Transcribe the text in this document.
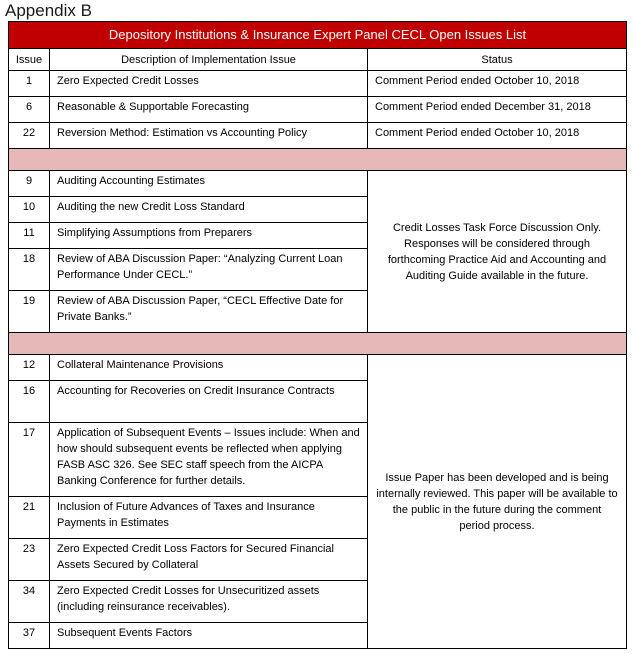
Appendix B
Depository Institutions & Insurance Expert Panel CECL Open Issues List		
Issue	Description of Implementation Issue	Status
1	Zero Expected Credit Losses	Comment Period ended October 10, 2018
6	Reasonable & Supportable Forecasting	Comment Period ended December 31, 2018
22	Reversion Method: Estimation vs Accounting Policy	Comment Period ended October 10, 2018

9	Auditing Accounting Estimates	Credit Losses Task Force Discussion Only. Responses will be considered through forthcoming Practice Aid and Accounting and Auditing Guide available in the future.
10	Auditing the new Credit Loss Standard	
11	Simplifying Assumptions from Preparers	
18	Review of ABA Discussion Paper: “Analyzing Current Loan Performance Under CECL.”	
19	Review of ABA Discussion Paper, “CECL Effective Date for Private Banks.”	

12	Collateral Maintenance Provisions	Issue Paper has been developed and is being internally reviewed. This paper will be available to the public in the future during the comment period process.
16	Accounting for Recoveries on Credit Insurance Contracts	
17	Application of Subsequent Events – Issues include: When and how should subsequent events be reflected when applying FASB ASC 326. See SEC staff speech from the AICPA Banking Conference for further details.	
21	Inclusion of Future Advances of Taxes and Insurance Payments in Estimates	
23	Zero Expected Credit Loss Factors for Secured Financial Assets Secured by Collateral	
34	Zero Expected Credit Losses for Unsecuritized assets (including reinsurance receivables).	
37	Subsequent Events Factors	
